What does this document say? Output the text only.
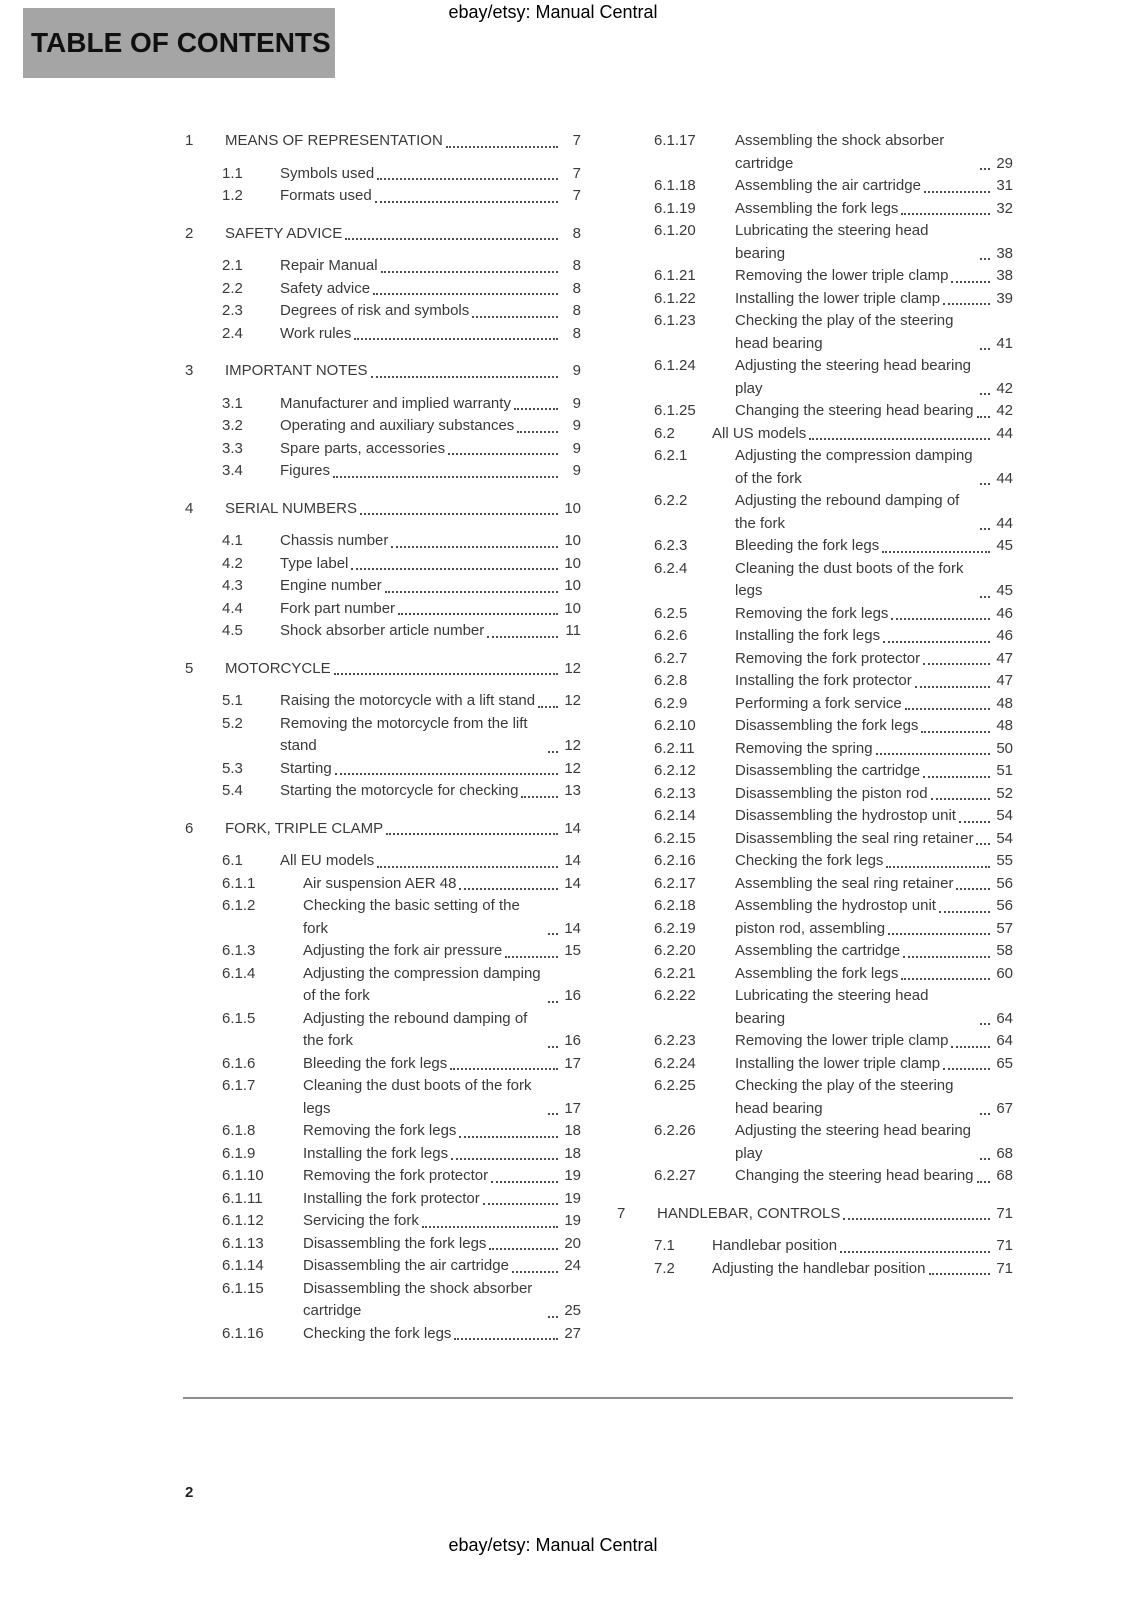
ebay/etsy: Manual Central
TABLE OF CONTENTS
1	MEANS OF REPRESENTATION	7
1.1	Symbols used	7
1.2	Formats used	7
2	SAFETY ADVICE	8
2.1	Repair Manual	8
2.2	Safety advice	8
2.3	Degrees of risk and symbols	8
2.4	Work rules	8
3	IMPORTANT NOTES	9
3.1	Manufacturer and implied warranty	9
3.2	Operating and auxiliary substances	9
3.3	Spare parts, accessories	9
3.4	Figures	9
4	SERIAL NUMBERS	10
4.1	Chassis number	10
4.2	Type label	10
4.3	Engine number	10
4.4	Fork part number	10
4.5	Shock absorber article number	11
5	MOTORCYCLE	12
5.1	Raising the motorcycle with a lift stand 12
5.2	Removing the motorcycle from the lift stand	12
5.3	Starting	12
5.4	Starting the motorcycle for checking	13
6	FORK, TRIPLE CLAMP	14
6.1	All EU models	14
6.1.1	Air suspension AER 48	14
6.1.2	Checking the basic setting of the fork	14
6.1.3	Adjusting the fork air pressure	15
6.1.4	Adjusting the compression damping of the fork	16
6.1.5	Adjusting the rebound damping of the fork	16
6.1.6	Bleeding the fork legs	17
6.1.7	Cleaning the dust boots of the fork legs	17
6.1.8	Removing the fork legs	18
6.1.9	Installing the fork legs	18
6.1.10	Removing the fork protector	19
6.1.11	Installing the fork protector	19
6.1.12	Servicing the fork	19
6.1.13	Disassembling the fork legs	20
6.1.14	Disassembling the air cartridge	24
6.1.15	Disassembling the shock absorber cartridge	25
6.1.16	Checking the fork legs	27
6.1.17	Assembling the shock absorber cartridge	29
6.1.18	Assembling the air cartridge	31
6.1.19	Assembling the fork legs	32
6.1.20	Lubricating the steering head bearing	38
6.1.21	Removing the lower triple clamp	38
6.1.22	Installing the lower triple clamp	39
6.1.23	Checking the play of the steering head bearing	41
6.1.24	Adjusting the steering head bearing play	42
6.1.25	Changing the steering head bearing 42
6.2	All US models	44
6.2.1	Adjusting the compression damping of the fork	44
6.2.2	Adjusting the rebound damping of the fork	44
6.2.3	Bleeding the fork legs	45
6.2.4	Cleaning the dust boots of the fork legs	45
6.2.5	Removing the fork legs	46
6.2.6	Installing the fork legs	46
6.2.7	Removing the fork protector	47
6.2.8	Installing the fork protector	47
6.2.9	Performing a fork service	48
6.2.10	Disassembling the fork legs	48
6.2.11	Removing the spring	50
6.2.12	Disassembling the cartridge	51
6.2.13	Disassembling the piston rod	52
6.2.14	Disassembling the hydrostop unit	54
6.2.15	Disassembling the seal ring retainer 54
6.2.16	Checking the fork legs	55
6.2.17	Assembling the seal ring retainer	56
6.2.18	Assembling the hydrostop unit	56
6.2.19	piston rod, assembling	57
6.2.20	Assembling the cartridge	58
6.2.21	Assembling the fork legs	60
6.2.22	Lubricating the steering head bearing	64
6.2.23	Removing the lower triple clamp	64
6.2.24	Installing the lower triple clamp	65
6.2.25	Checking the play of the steering head bearing	67
6.2.26	Adjusting the steering head bearing play	68
6.2.27	Changing the steering head bearing 68
7	HANDLEBAR, CONTROLS	71
7.1	Handlebar position	71
7.2	Adjusting the handlebar position	71
2
ebay/etsy: Manual Central
